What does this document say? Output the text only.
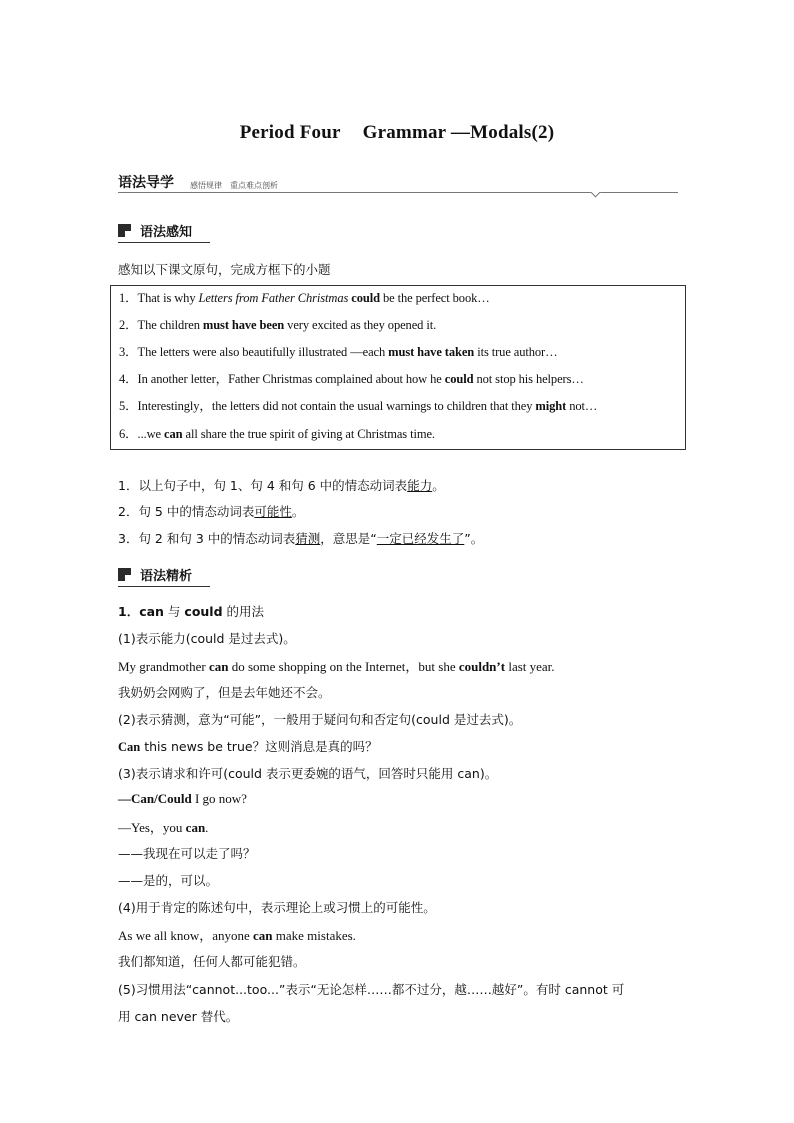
Period Four Grammar —Modals(2)
语法导学 感悟规律 重点难点剖析
语法感知
感知以下课文原句，完成方框下的小题
1．That is why Letters from Father Christmas could be the perfect book…
2．The children must have been very excited as they opened it.
3．The letters were also beautifully illustrated —each must have taken its true author…
4．In another letter，Father Christmas complained about how he could not stop his helpers…
5．Interestingly，the letters did not contain the usual warnings to children that they might not…
6．...we can all share the true spirit of giving at Christmas time.
1．以上句子中，句 1、句 4 和句 6 中的情态动词表能力。
2．句 5 中的情态动词表可能性。
3．句 2 和句 3 中的情态动词表猜测，意思是“一定已经发生了”。
语法精析
1．can 与 could 的用法
(1)表示能力(could 是过去式)。
My grandmother can do some shopping on the Internet，but she couldn’t last year.
我奶奶会网购了，但是去年她还不会。
(2)表示猜测，意为“可能”，一般用于疑问句和否定句(could 是过去式)。
Can this news be true？这则消息是真的吗？
(3)表示请求和许可(could 表示更委婉的语气，回答时只能用 can)。
—Can/Could I go now?
—Yes，you can.
——我现在可以走了吗？
——是的，可以。
(4)用于肯定的陈述句中，表示理论上或习惯上的可能性。
As we all know，anyone can make mistakes.
我们都知道，任何人都可能犯错。
(5)习惯用法“cannot...too...”表示“无论怎样……都不过分，越……越好”。有时 cannot 可
用 can never 替代。
